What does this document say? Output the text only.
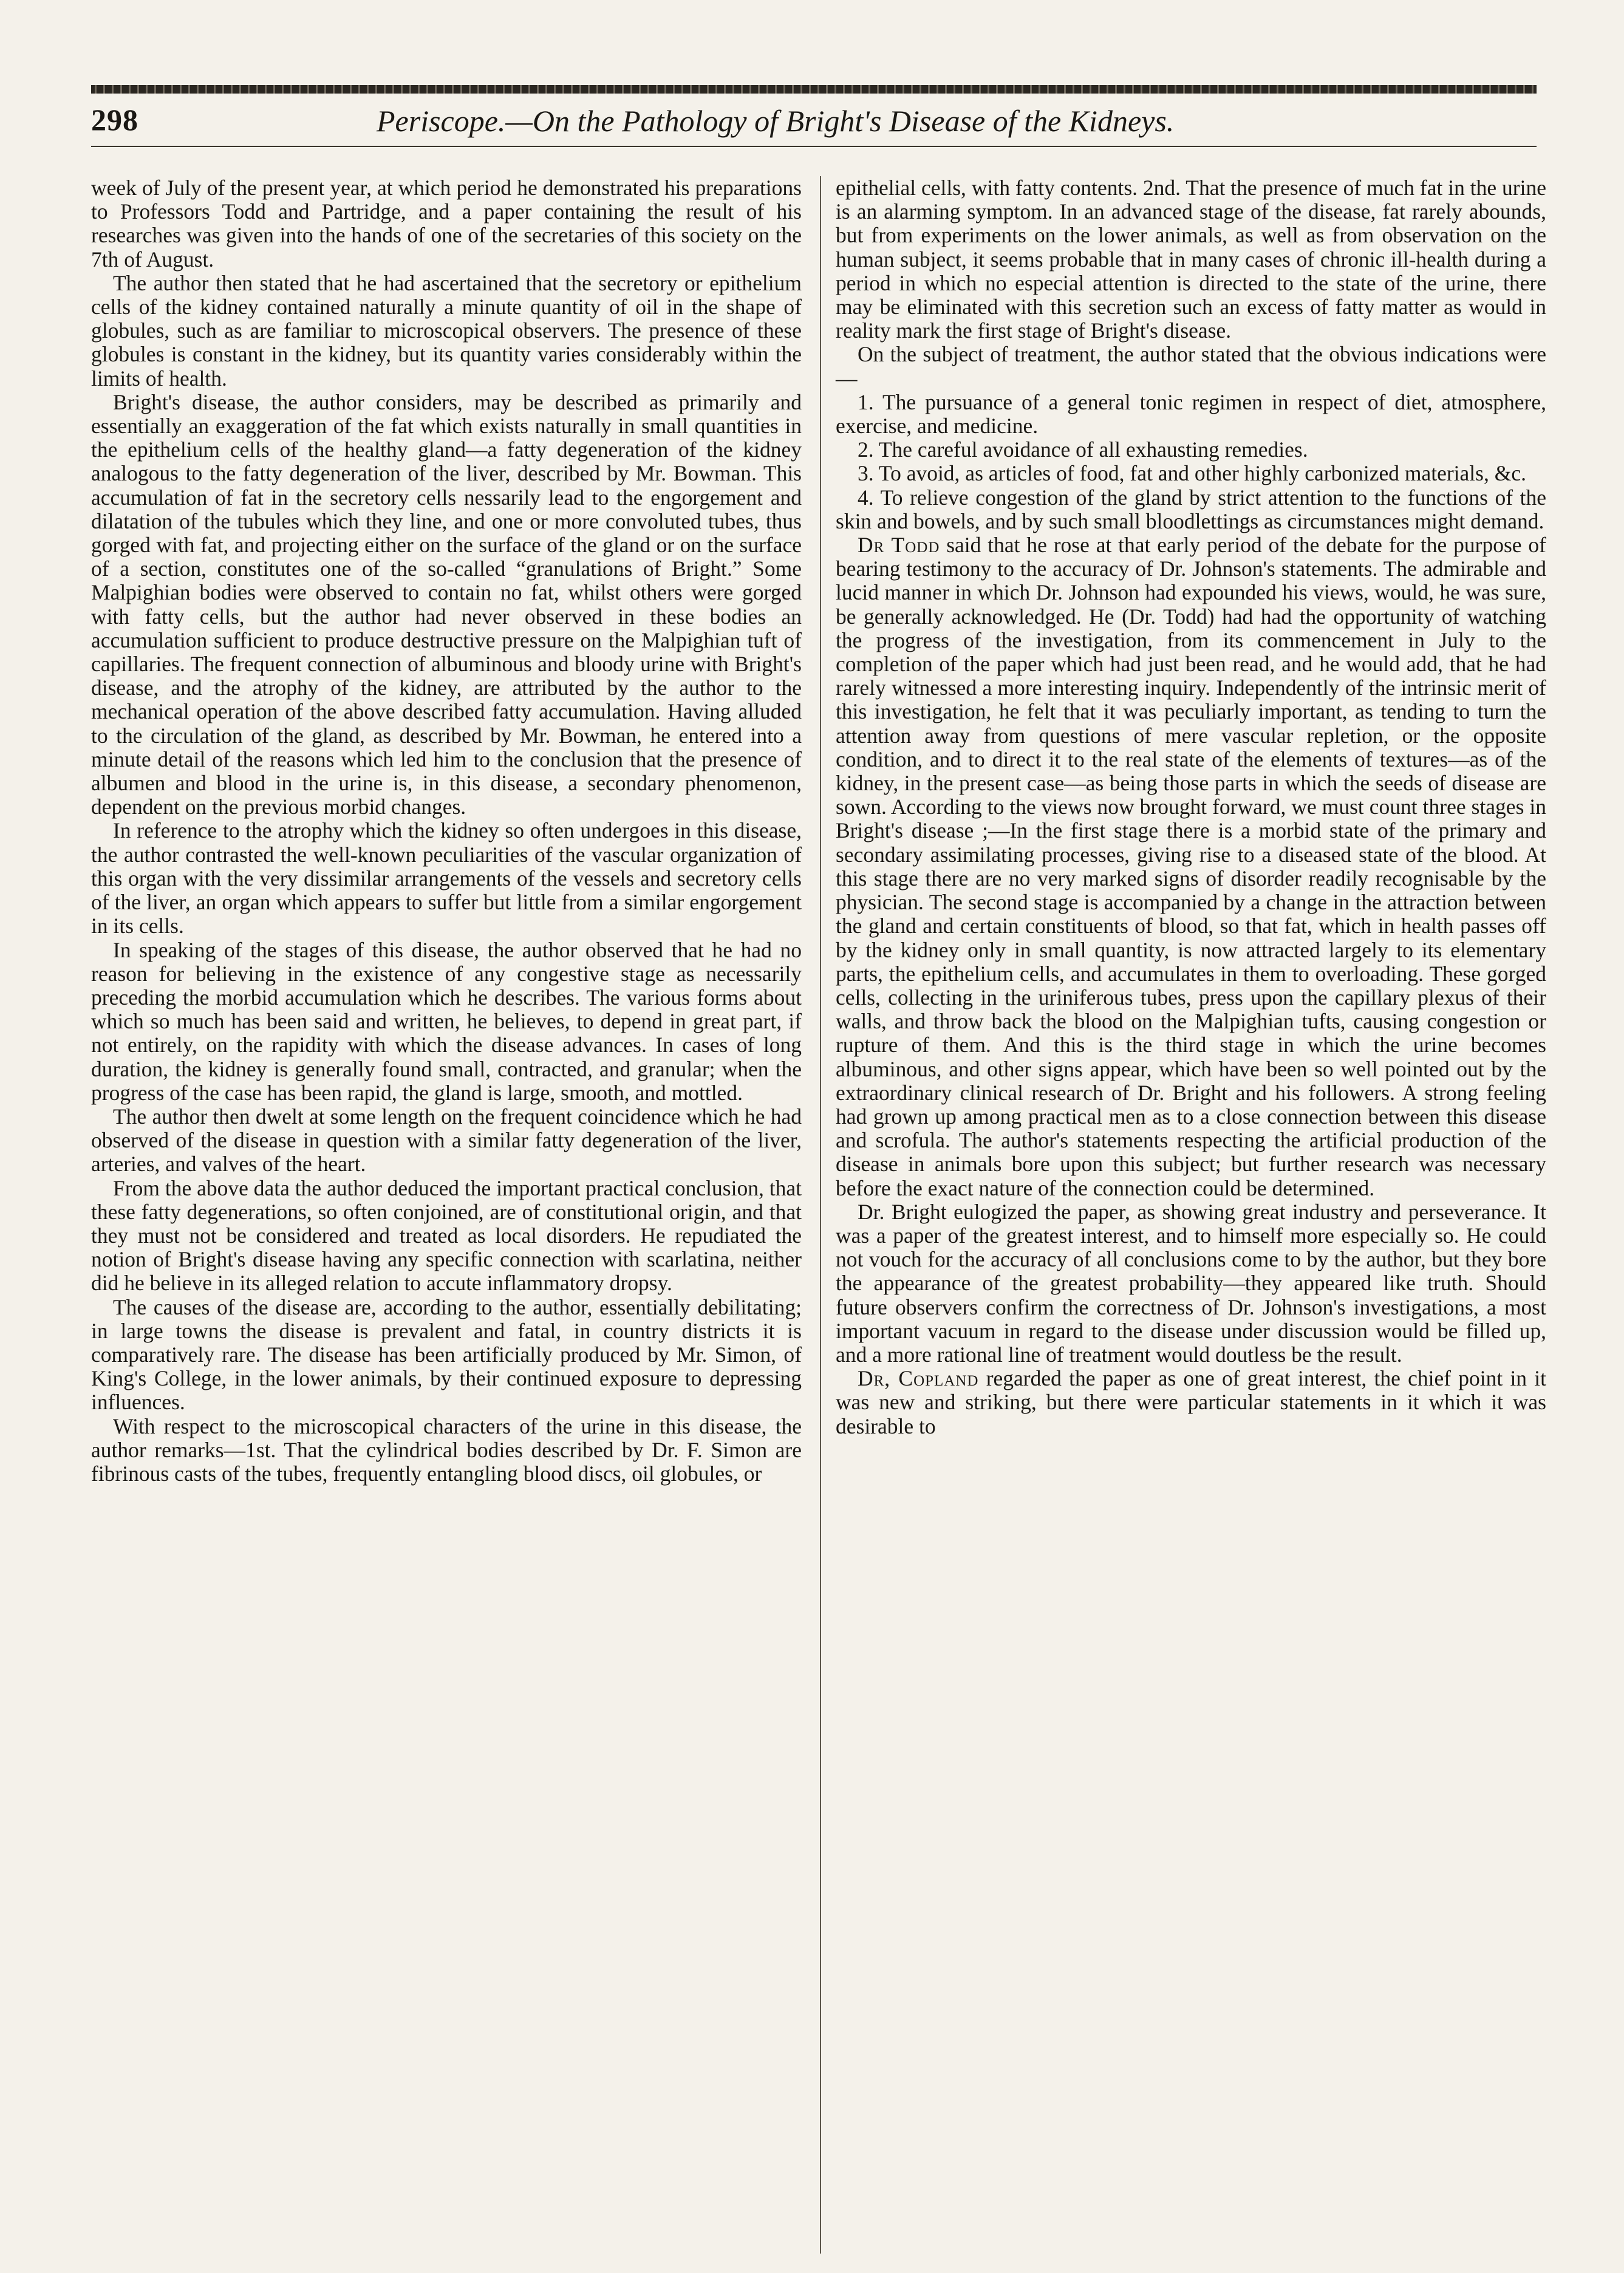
298	Periscope.—On the Pathology of Bright's Disease of the Kidneys.

week of July of the present year, at which period he demonstrated his preparations to Professors Todd and Partridge, and a paper containing the result of his researches was given into the hands of one of the secretaries of this society on the 7th of August.

The author then stated that he had ascertained that the secretory or epithelium cells of the kidney contained naturally a minute quantity of oil in the shape of globules, such as are familiar to microscopical observers. The presence of these globules is constant in the kidney, but its quantity varies considerably within the limits of health.

Bright's disease, the author considers, may be described as primarily and essentially an exaggeration of the fat which exists naturally in small quantities in the epithelium cells of the healthy gland—a fatty degeneration of the kidney analogous to the fatty degeneration of the liver, described by Mr. Bowman. This accumulation of fat in the secretory cells nessarily lead to the engorgement and dilatation of the tubules which they line, and one or more convoluted tubes, thus gorged with fat, and projecting either on the surface of the gland or on the surface of a section, constitutes one of the so-called “granulations of Bright.” Some Malpighian bodies were observed to contain no fat, whilst others were gorged with fatty cells, but the author had never observed in these bodies an accumulation sufficient to produce destructive pressure on the Malpighian tuft of capillaries. The frequent connection of albuminous and bloody urine with Bright's disease, and the atrophy of the kidney, are attributed by the author to the mechanical operation of the above described fatty accumulation. Having alluded to the circulation of the gland, as described by Mr. Bowman, he entered into a minute detail of the reasons which led him to the conclusion that the presence of albumen and blood in the urine is, in this disease, a secondary phenomenon, dependent on the previous morbid changes.

In reference to the atrophy which the kidney so often undergoes in this disease, the author contrasted the well-known peculiarities of the vascular organization of this organ with the very dissimilar arrangements of the vessels and secretory cells of the liver, an organ which appears to suffer but little from a similar engorgement in its cells.

In speaking of the stages of this disease, the author observed that he had no reason for believing in the existence of any congestive stage as necessarily preceding the morbid accumulation which he describes. The various forms about which so much has been said and written, he believes, to depend in great part, if not entirely, on the rapidity with which the disease advances. In cases of long duration, the kidney is generally found small, contracted, and granular; when the progress of the case has been rapid, the gland is large, smooth, and mottled.

The author then dwelt at some length on the frequent coincidence which he had observed of the disease in question with a similar fatty degeneration of the liver, arteries, and valves of the heart.

From the above data the author deduced the important practical conclusion, that these fatty degenerations, so often conjoined, are of constitutional origin, and that they must not be considered and treated as local disorders. He repudiated the notion of Bright's disease having any specific connection with scarlatina, neither did he believe in its alleged relation to accute inflammatory dropsy.

The causes of the disease are, according to the author, essentially debilitating; in large towns the disease is prevalent and fatal, in country districts it is comparatively rare. The disease has been artificially produced by Mr. Simon, of King's College, in the lower animals, by their continued exposure to depressing influences.

With respect to the microscopical characters of the urine in this disease, the author remarks—1st. That the cylindrical bodies described by Dr. F. Simon are fibrinous casts of the tubes, frequently entangling blood discs, oil globules, or

epithelial cells, with fatty contents. 2nd. That the presence of much fat in the urine is an alarming symptom. In an advanced stage of the disease, fat rarely abounds, but from experiments on the lower animals, as well as from observation on the human subject, it seems probable that in many cases of chronic ill-health during a period in which no especial attention is directed to the state of the urine, there may be eliminated with this secretion such an excess of fatty matter as would in reality mark the first stage of Bright's disease.

On the subject of treatment, the author stated that the obvious indications were—

1. The pursuance of a general tonic regimen in respect of diet, atmosphere, exercise, and medicine.

2. The careful avoidance of all exhausting remedies.

3. To avoid, as articles of food, fat and other highly carbonized materials, &c.

4. To relieve congestion of the gland by strict attention to the functions of the skin and bowels, and by such small bloodlettings as circumstances might demand.

Dr Todd said that he rose at that early period of the debate for the purpose of bearing testimony to the accuracy of Dr. Johnson's statements. The admirable and lucid manner in which Dr. Johnson had expounded his views, would, he was sure, be generally acknowledged. He (Dr. Todd) had had the opportunity of watching the progress of the investigation, from its commencement in July to the completion of the paper which had just been read, and he would add, that he had rarely witnessed a more interesting inquiry. Independently of the intrinsic merit of this investigation, he felt that it was peculiarly important, as tending to turn the attention away from questions of mere vascular repletion, or the opposite condition, and to direct it to the real state of the elements of textures—as of the kidney, in the present case—as being those parts in which the seeds of disease are sown. According to the views now brought forward, we must count three stages in Bright's disease ;—In the first stage there is a morbid state of the primary and secondary assimilating processes, giving rise to a diseased state of the blood. At this stage there are no very marked signs of disorder readily recognisable by the physician. The second stage is accompanied by a change in the attraction between the gland and certain constituents of blood, so that fat, which in health passes off by the kidney only in small quantity, is now attracted largely to its elementary parts, the epithelium cells, and accumulates in them to overloading. These gorged cells, collecting in the uriniferous tubes, press upon the capillary plexus of their walls, and throw back the blood on the Malpighian tufts, causing congestion or rupture of them. And this is the third stage in which the urine becomes albuminous, and other signs appear, which have been so well pointed out by the extraordinary clinical research of Dr. Bright and his followers. A strong feeling had grown up among practical men as to a close connection between this disease and scrofula. The author's statements respecting the artificial production of the disease in animals bore upon this subject; but further research was necessary before the exact nature of the connection could be determined.

Dr. Bright eulogized the paper, as showing great industry and perseverance. It was a paper of the greatest interest, and to himself more especially so. He could not vouch for the accuracy of all conclusions come to by the author, but they bore the appearance of the greatest probability—they appeared like truth. Should future observers confirm the correctness of Dr. Johnson's investigations, a most important vacuum in regard to the disease under discussion would be filled up, and a more rational line of treatment would doutless be the result.

Dr, Copland regarded the paper as one of great interest, the chief point in it was new and striking, but there were particular statements in it which it was desirable to
